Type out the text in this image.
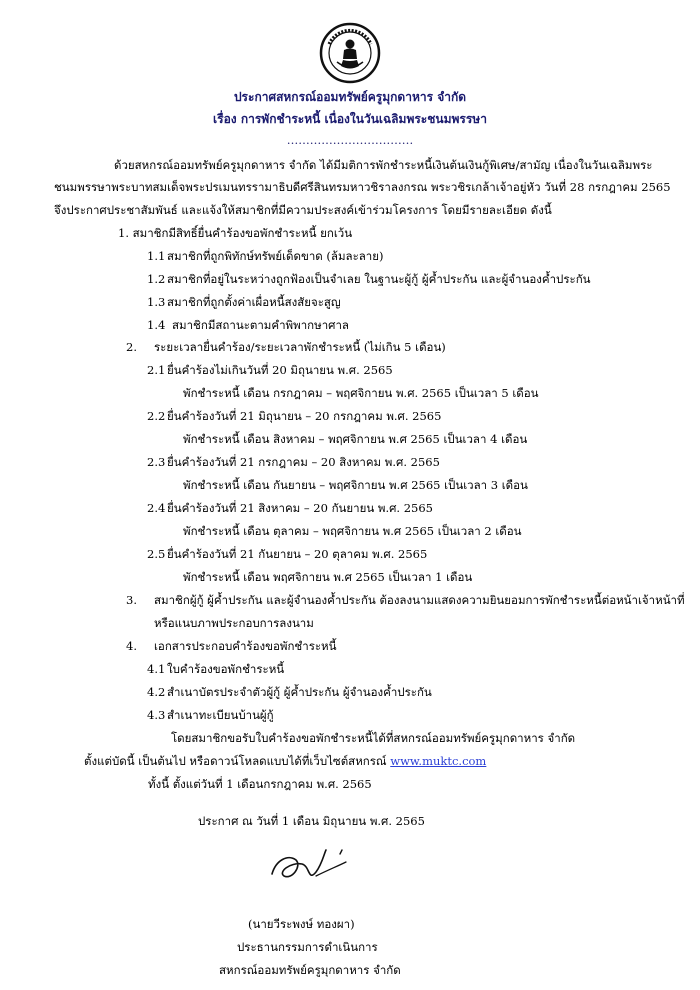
ประกาศสหกรณ์ออมทรัพย์ครูมุกดาหาร จำกัด
เรื่อง การพักชำระหนี้ เนื่องในวันเฉลิมพระชนมพรรษา
……………………………
ด้วยสหกรณ์ออมทรัพย์ครูมุกดาหาร จำกัด ได้มีมติการพักชำระหนี้เงินต้นเงินกู้พิเศษ/สามัญ เนื่องในวันเฉลิมพระ
ชนมพรรษาพระบาทสมเด็จพระปรเมนทรรามาธิบดีศรีสินทรมหาวชิราลงกรณ พระวชิรเกล้าเจ้าอยู่หัว วันที่ 28 กรกฎาคม 2565
จึงประกาศประชาสัมพันธ์ และแจ้งให้สมาชิกที่มีความประสงค์เข้าร่วมโครงการ โดยมีรายละเอียด ดังนี้
1. สมาชิกมีสิทธิ์ยื่นคำร้องขอพักชำระหนี้ ยกเว้น
1.1 สมาชิกที่ถูกพิทักษ์ทรัพย์เด็ดขาด (ล้มละลาย)
1.2 สมาชิกที่อยู่ในระหว่างถูกฟ้องเป็นจำเลย ในฐานะผู้กู้ ผู้ค้ำประกัน และผู้จำนองค้ำประกัน
1.3 สมาชิกที่ถูกตั้งค่าเผื่อหนี้สงสัยจะสูญ
1.4 สมาชิกมีสถานะตามคำพิพากษาศาล
2. ระยะเวลายื่นคำร้อง/ระยะเวลาพักชำระหนี้ (ไม่เกิน 5 เดือน)
2.1 ยื่นคำร้องไม่เกินวันที่ 20 มิถุนายน พ.ศ. 2565
พักชำระหนี้ เดือน กรกฎาคม – พฤศจิกายน พ.ศ. 2565 เป็นเวลา 5 เดือน
2.2 ยื่นคำร้องวันที่ 21 มิถุนายน – 20 กรกฎาคม พ.ศ. 2565
พักชำระหนี้ เดือน สิงหาคม – พฤศจิกายน พ.ศ 2565 เป็นเวลา 4 เดือน
2.3 ยื่นคำร้องวันที่ 21 กรกฎาคม – 20 สิงหาคม พ.ศ. 2565
พักชำระหนี้ เดือน กันยายน – พฤศจิกายน พ.ศ 2565 เป็นเวลา 3 เดือน
2.4 ยื่นคำร้องวันที่ 21 สิงหาคม – 20 กันยายน พ.ศ. 2565
พักชำระหนี้ เดือน ตุลาคม – พฤศจิกายน พ.ศ 2565 เป็นเวลา 2 เดือน
2.5 ยื่นคำร้องวันที่ 21 กันยายน – 20 ตุลาคม พ.ศ. 2565
พักชำระหนี้ เดือน พฤศจิกายน พ.ศ 2565 เป็นเวลา 1 เดือน
3. สมาชิกผู้กู้ ผู้ค้ำประกัน และผู้จำนองค้ำประกัน ต้องลงนามแสดงความยินยอมการพักชำระหนี้ต่อหน้าเจ้าหน้าที่
หรือแนบภาพประกอบการลงนาม
4. เอกสารประกอบคำร้องขอพักชำระหนี้
4.1 ใบคำร้องขอพักชำระหนี้
4.2 สำเนาบัตรประจำตัวผู้กู้ ผู้ค้ำประกัน ผู้จำนองค้ำประกัน
4.3 สำเนาทะเบียนบ้านผู้กู้
โดยสมาชิกขอรับใบคำร้องขอพักชำระหนี้ได้ที่สหกรณ์ออมทรัพย์ครูมุกดาหาร จำกัด
ตั้งแต่บัดนี้ เป็นต้นไป หรือดาวน์โหลดแบบได้ที่เว็บไซต์สหกรณ์ www.muktc.com
ทั้งนี้ ตั้งแต่วันที่ 1 เดือนกรกฎาคม พ.ศ. 2565
ประกาศ ณ วันที่ 1 เดือน มิถุนายน พ.ศ. 2565
(นายวีระพงษ์ ทองผา)
ประธานกรรมการดำเนินการ
สหกรณ์ออมทรัพย์ครูมุกดาหาร จำกัด
